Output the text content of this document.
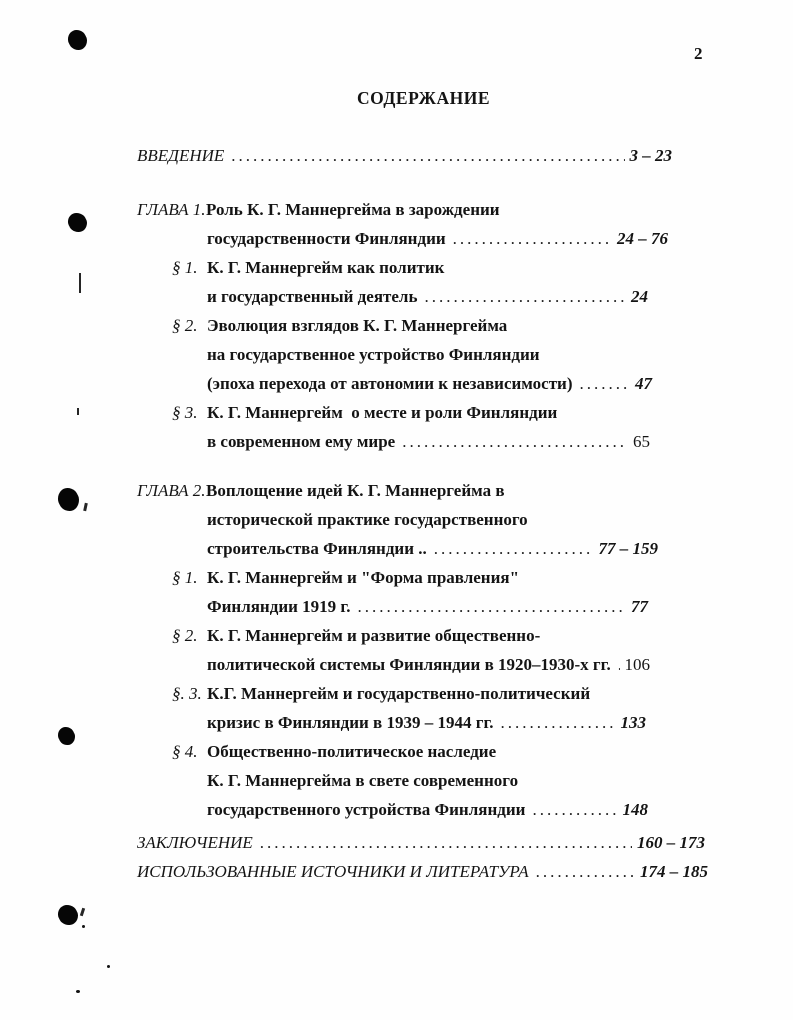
2
СОДЕРЖАНИЕ
ВВЕДЕНИЕ .....	3 – 23
ГЛАВА 1. Роль К. Г. Маннергейма в зарождении
государственности Финляндии .....	24 – 76
§ 1. К. Г. Маннергейм как политик
и государственный деятель .....	24
§ 2. Эволюция взглядов К. Г. Маннергейма
на государственное устройство Финляндии
(эпоха перехода от автономии к независимости) .....	47
§ 3. К. Г. Маннергейм  о месте и роли Финляндии
в современном ему мире .....	65
ГЛАВА 2. Воплощение идей К. Г. Маннергейма в
исторической практике государственного
строительства Финляндии .. .....	77 – 159
§ 1. К. Г. Маннергейм и "Форма правления"
Финляндии 1919 г. .....	77
§ 2. К. Г. Маннергейм и развитие общественно-
политической системы Финляндии в 1920–1930-х гг. ..... 106
§. 3. К.Г. Маннергейм и государственно-политический
кризис в Финляндии в 1939 – 1944 гг. .....	133
§ 4. Общественно-политическое наследие
К. Г. Маннергейма в свете современного
государственного устройства Финляндии .....	148
ЗАКЛЮЧЕНИЕ .....	160 – 173
ИСПОЛЬЗОВАННЫЕ ИСТОЧНИКИ И ЛИТЕРАТУРА .....	174 – 185
